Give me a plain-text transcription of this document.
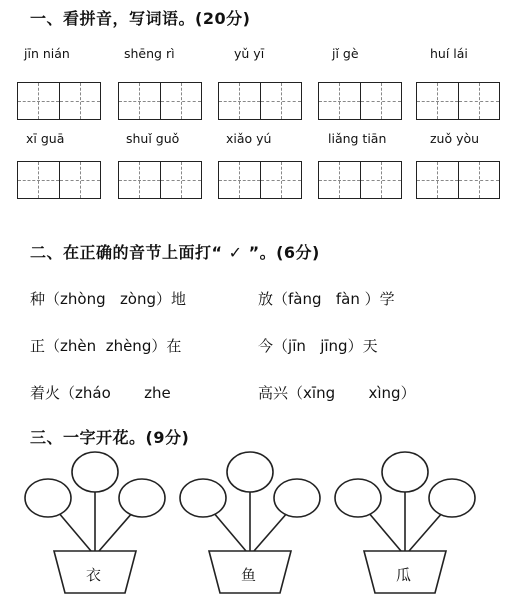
一、看拼音，写词语。(20分)
jīn nián	shēng rì	yǔ yī	jǐ gè	huí lái
xī guā	shuǐ guǒ	xiǎo yú	liǎng tiān	zuǒ yòu
二、在正确的音节上面打“ ✓ ”。(6分)
种（zhòng zòng）地	放（fàng fàn ）学
正（zhèn zhèng）在	今（jīn jīng）天
着火（zháo zhe	高兴（xīng xìng）
三、一字开花。(9分)
衣	鱼	瓜
